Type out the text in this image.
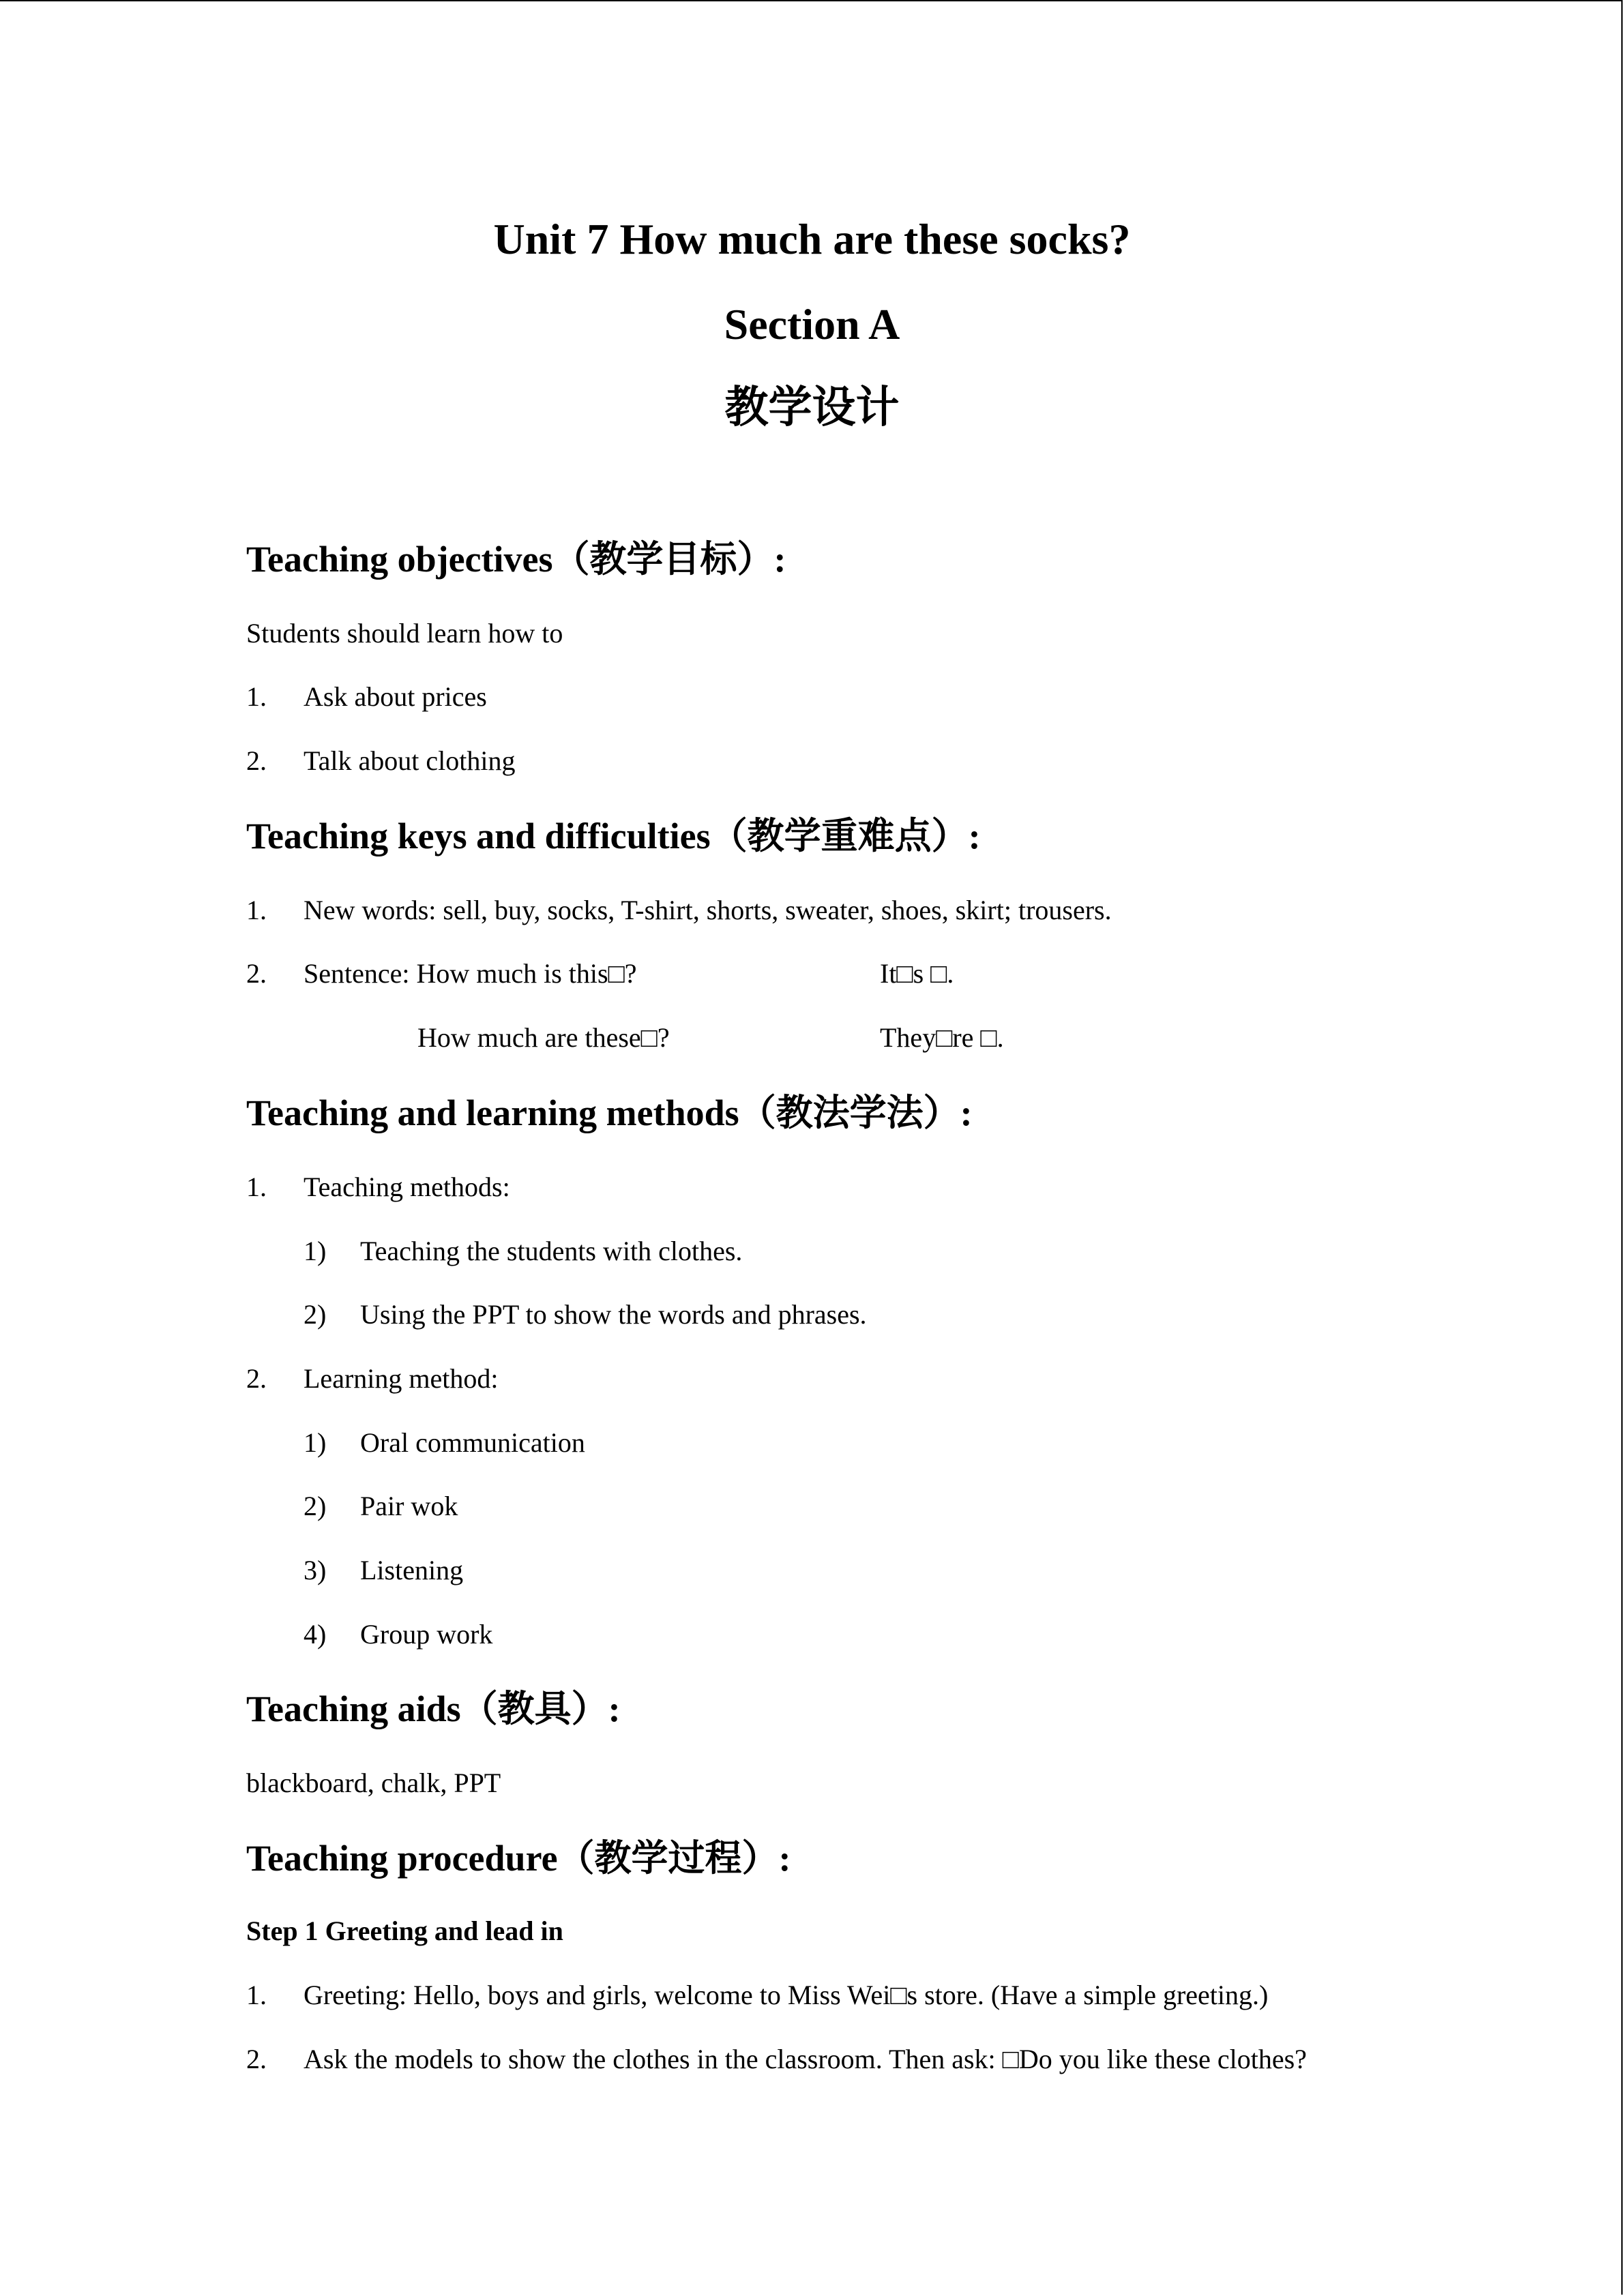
Unit 7 How much are these socks?
Section A
教学设计
Teaching objectives（教学目标）:
Students should learn how to
1. Ask about prices
2. Talk about clothing
Teaching keys and difficulties（教学重难点）:
1. New words: sell, buy, socks, T-shirt, shorts, sweater, shoes, skirt; trousers.
2. Sentence: How much is this□?	It□s □.
How much are these□?	They□re □.
Teaching and learning methods（教法学法）:
1. Teaching methods:
1) Teaching the students with clothes.
2) Using the PPT to show the words and phrases.
2. Learning method:
1) Oral communication
2) Pair wok
3) Listening
4) Group work
Teaching aids（教具）:
blackboard, chalk, PPT
Teaching procedure（教学过程）:
Step 1 Greeting and lead in
1. Greeting: Hello, boys and girls, welcome to Miss Wei□s store. (Have a simple greeting.)
2. Ask the models to show the clothes in the classroom. Then ask: □Do you like these clothes?
